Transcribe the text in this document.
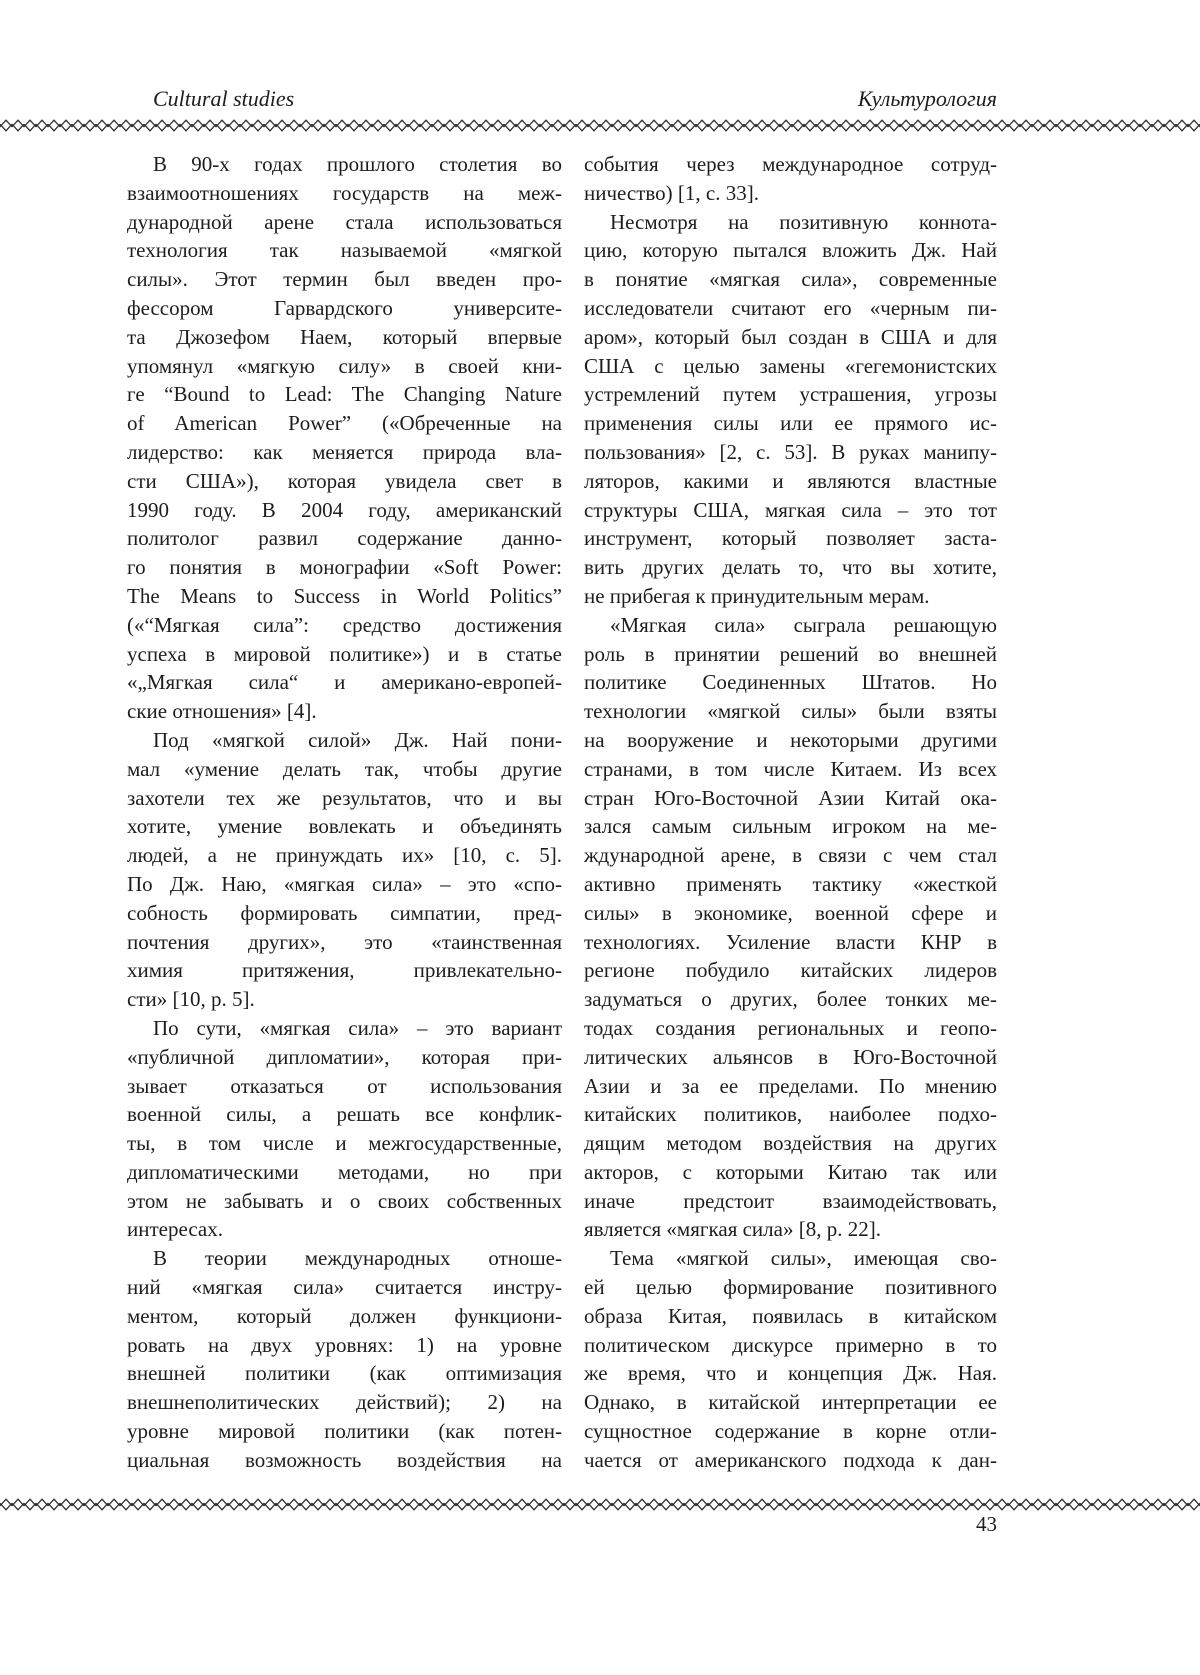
Cultural studies	Культурология
В 90-х годах прошлого столетия во
взаимоотношениях государств на меж-
дународной арене стала использоваться
технология так называемой «мягкой
силы». Этот термин был введен про-
фессором Гарвардского университе-
та Джозефом Наем, который впервые
упомянул «мягкую силу» в своей кни-
ге “Bound to Lead: The Changing Nature
of American Power” («Обреченные на
лидерство: как меняется природа вла-
сти США»), которая увидела свет в
1990 году. В 2004 году, американский
политолог развил содержание данно-
го понятия в монографии «Soft Power:
The Means to Success in World Politics”
(«“Мягкая сила”: средство достижения
успеха в мировой политике») и в статье
«„Мягкая сила“ и американо-европей-
ские отношения» [4].
Под «мягкой силой» Дж. Най пони-
мал «умение делать так, чтобы другие
захотели тех же результатов, что и вы
хотите, умение вовлекать и объединять
людей, а не принуждать их» [10, с. 5].
По Дж. Наю, «мягкая сила» – это «спо-
собность формировать симпатии, пред-
почтения других», это «таинственная
химия притяжения, привлекательно-
сти» [10, р. 5].
По сути, «мягкая сила» – это вариант
«публичной дипломатии», которая при-
зывает отказаться от использования
военной силы, а решать все конфлик-
ты, в том числе и межгосударственные,
дипломатическими методами, но при
этом не забывать и о своих собственных
интересах.
В теории международных отноше-
ний «мягкая сила» считается инстру-
ментом, который должен функциони-
ровать на двух уровнях: 1) на уровне
внешней политики (как оптимизация
внешнеполитических действий); 2) на
уровне мировой политики (как потен-
циальная возможность воздействия на
события через международное сотруд-
ничество) [1, с. 33].
Несмотря на позитивную коннота-
цию, которую пытался вложить Дж. Най
в понятие «мягкая сила», современные
исследователи считают его «черным пи-
аром», который был создан в США и для
США с целью замены «гегемонистских
устремлений путем устрашения, угрозы
применения силы или ее прямого ис-
пользования» [2, с. 53]. В руках манипу-
ляторов, какими и являются властные
структуры США, мягкая сила – это тот
инструмент, который позволяет заста-
вить других делать то, что вы хотите,
не прибегая к принудительным мерам.
«Мягкая сила» сыграла решающую
роль в принятии решений во внешней
политике Соединенных Штатов. Но
технологии «мягкой силы» были взяты
на вооружение и некоторыми другими
странами, в том числе Китаем. Из всех
стран Юго-Восточной Азии Китай ока-
зался самым сильным игроком на ме-
ждународной арене, в связи с чем стал
активно применять тактику «жесткой
силы» в экономике, военной сфере и
технологиях. Усиление власти КНР в
регионе побудило китайских лидеров
задуматься о других, более тонких ме-
тодах создания региональных и геопо-
литических альянсов в Юго-Восточной
Азии и за ее пределами. По мнению
китайских политиков, наиболее подхо-
дящим методом воздействия на других
акторов, с которыми Китаю так или
иначе предстоит взаимодействовать,
является «мягкая сила» [8, р. 22].
Тема «мягкой силы», имеющая сво-
ей целью формирование позитивного
образа Китая, появилась в китайском
политическом дискурсе примерно в то
же время, что и концепция Дж. Ная.
Однако, в китайской интерпретации ее
сущностное содержание в корне отли-
чается от американского подхода к дан-
43
